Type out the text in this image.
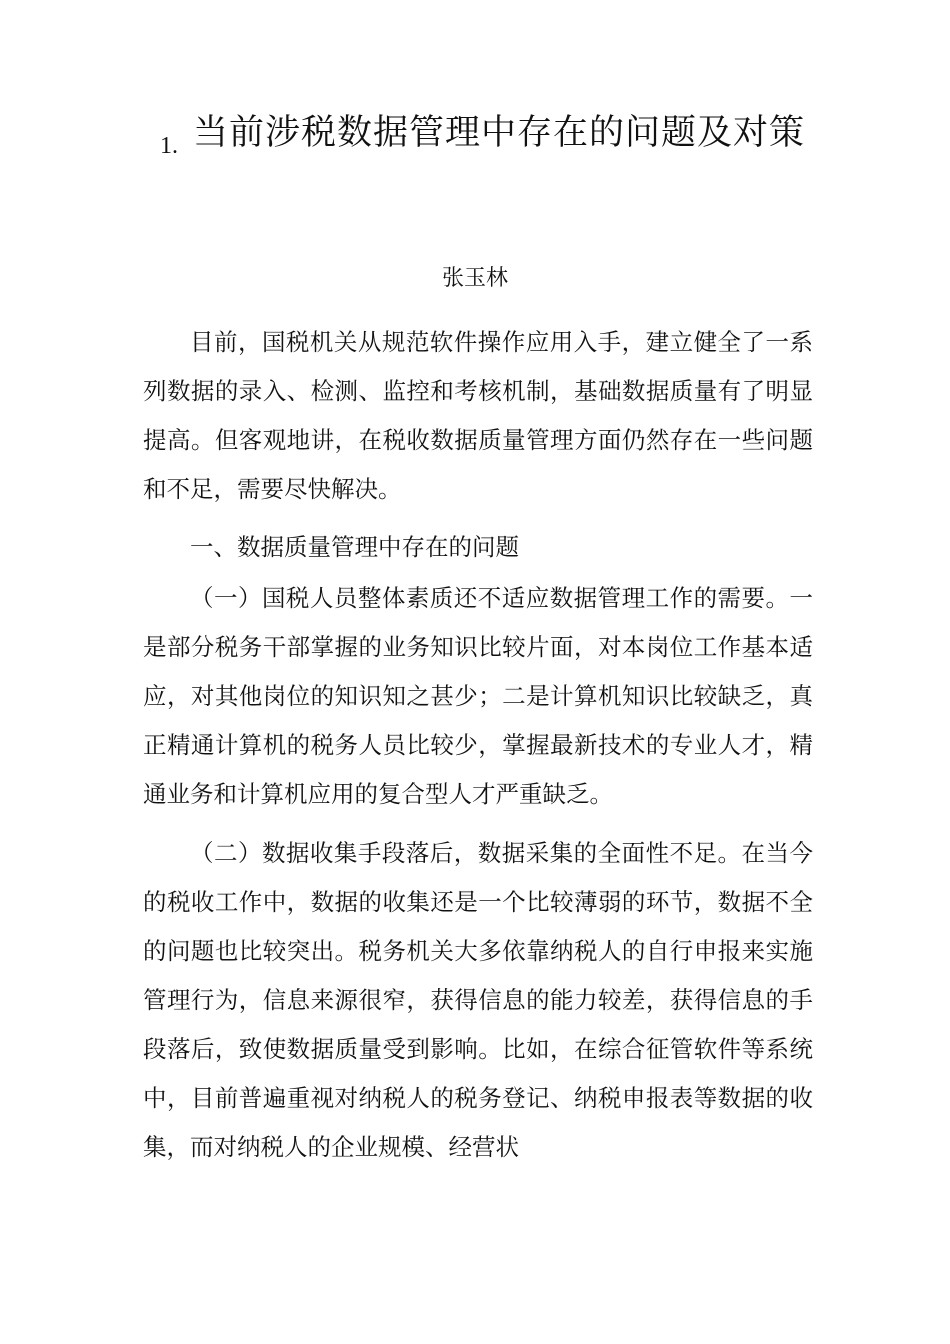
1. 当前涉税数据管理中存在的问题及对策
张玉林

目前，国税机关从规范软件操作应用入手，建立健全了一系列数据的录入、检测、监控和考核机制，基础数据质量有了明显提高。但客观地讲，在税收数据质量管理方面仍然存在一些问题和不足，需要尽快解决。

一、数据质量管理中存在的问题

（一）国税人员整体素质还不适应数据管理工作的需要。一是部分税务干部掌握的业务知识比较片面，对本岗位工作基本适应，对其他岗位的知识知之甚少；二是计算机知识比较缺乏，真正精通计算机的税务人员比较少，掌握最新技术的专业人才，精通业务和计算机应用的复合型人才严重缺乏。

（二）数据收集手段落后，数据采集的全面性不足。在当今的税收工作中，数据的收集还是一个比较薄弱的环节，数据不全的问题也比较突出。税务机关大多依靠纳税人的自行申报来实施管理行为，信息来源很窄，获得信息的能力较差，获得信息的手段落后，致使数据质量受到影响。比如，在综合征管软件等系统中，目前普遍重视对纳税人的税务登记、纳税申报表等数据的收集，而对纳税人的企业规模、经营状
